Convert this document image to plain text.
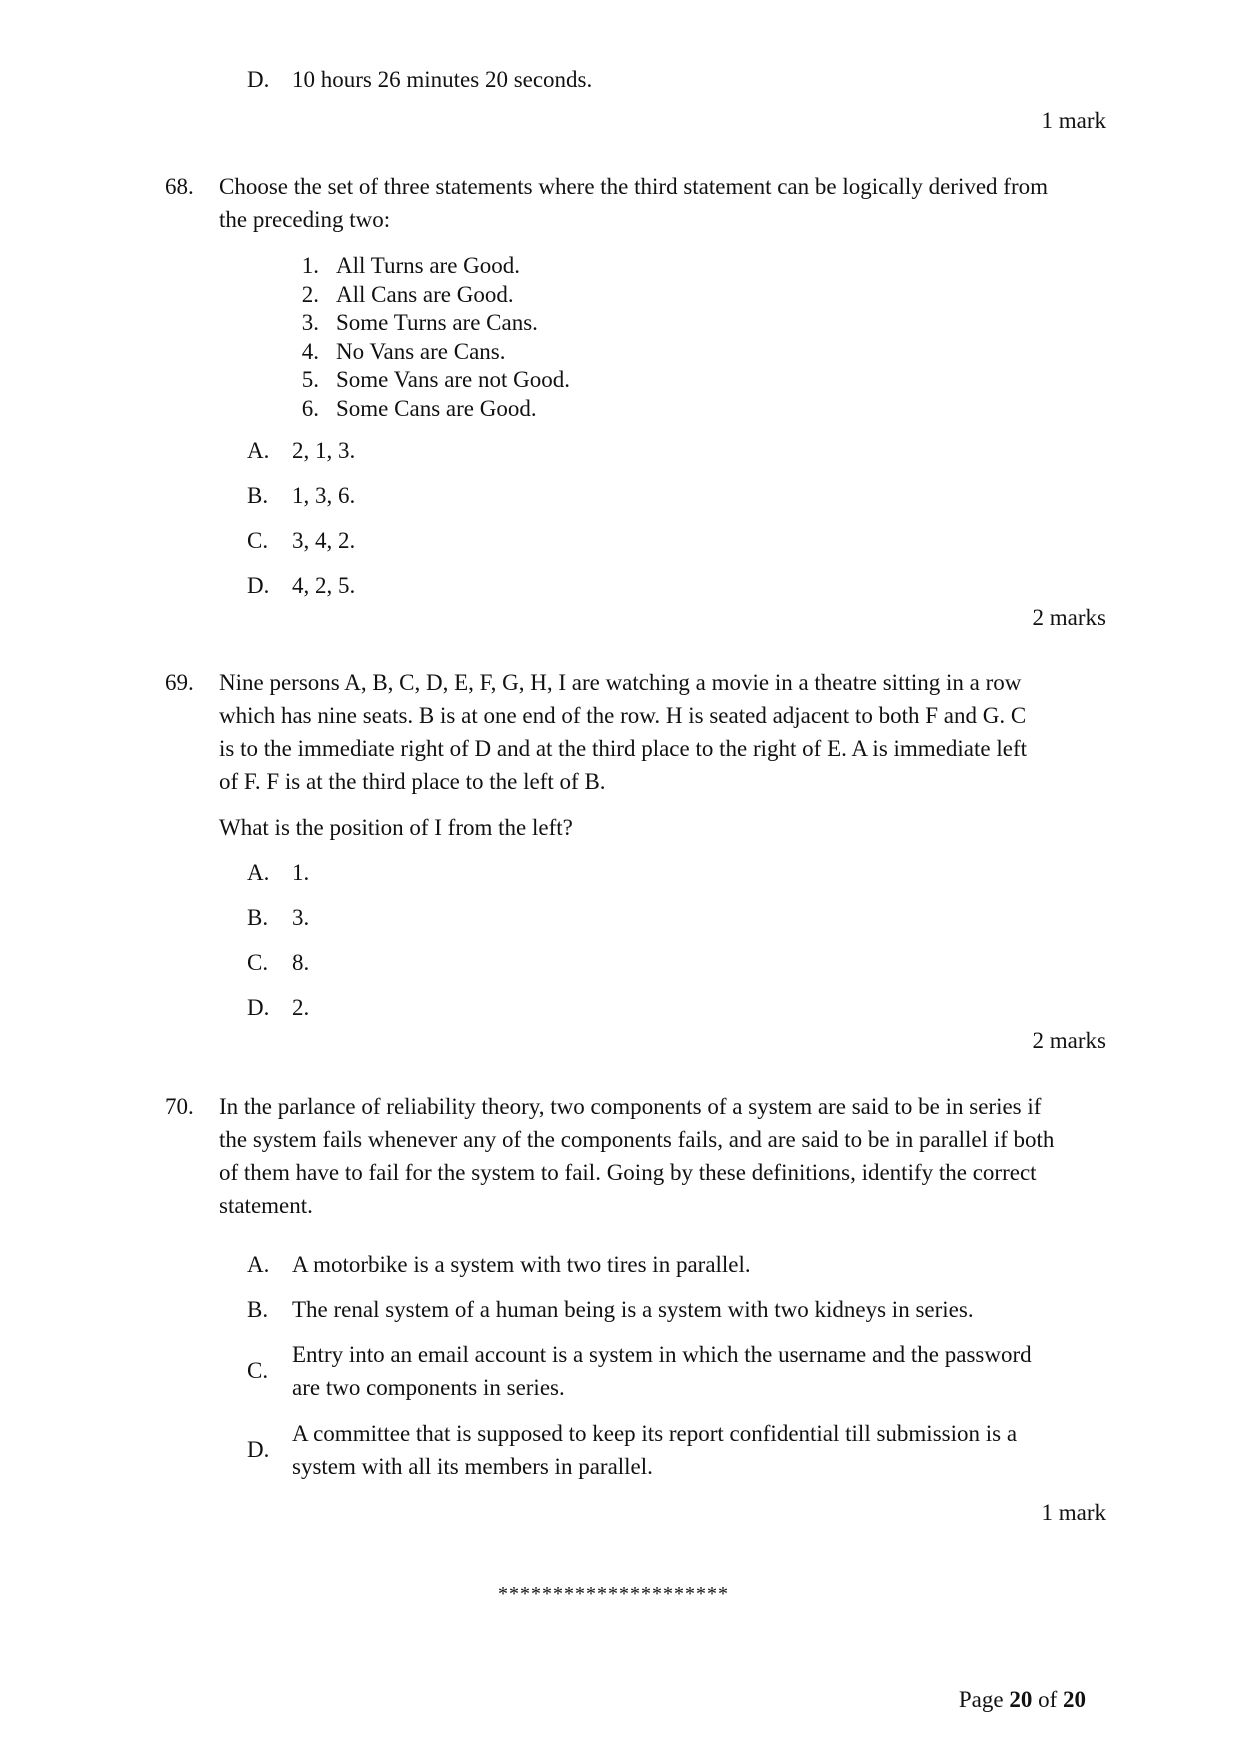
D. 10 hours 26 minutes 20 seconds.
1 mark
68. Choose the set of three statements where the third statement can be logically derived from
the preceding two:
1. All Turns are Good.
2. All Cans are Good.
3. Some Turns are Cans.
4. No Vans are Cans.
5. Some Vans are not Good.
6. Some Cans are Good.
A. 2, 1, 3.
B. 1, 3, 6.
C. 3, 4, 2.
D. 4, 2, 5.
2 marks
69. Nine persons A, B, C, D, E, F, G, H, I are watching a movie in a theatre sitting in a row
which has nine seats. B is at one end of the row. H is seated adjacent to both F and G. C
is to the immediate right of D and at the third place to the right of E. A is immediate left
of F. F is at the third place to the left of B.
What is the position of I from the left?
A. 1.
B. 3.
C. 8.
D. 2.
2 marks
70. In the parlance of reliability theory, two components of a system are said to be in series if
the system fails whenever any of the components fails, and are said to be in parallel if both
of them have to fail for the system to fail. Going by these definitions, identify the correct
statement.
A. A motorbike is a system with two tires in parallel.
B. The renal system of a human being is a system with two kidneys in series.
C.
Entry into an email account is a system in which the username and the password
are two components in series.
D.
A committee that is supposed to keep its report confidential till submission is a
system with all its members in parallel.
1 mark
*********************
Page 20 of 20
